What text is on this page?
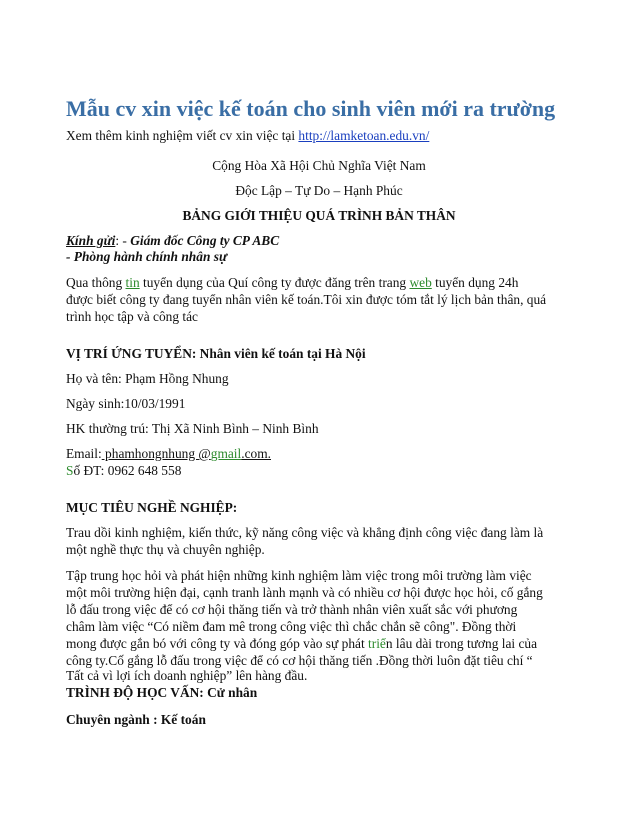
Mẫu cv xin việc kế toán cho sinh viên mới ra trường
Xem thêm kinh nghiệm viết cv xin việc tại http://lamketoan.edu.vn/
Cộng Hòa Xã Hội Chủ Nghĩa Việt Nam
Độc Lập – Tự Do – Hạnh Phúc
BẢNG GIỚI THIỆU QUÁ TRÌNH BẢN THÂN
Kính gửi: - Giám đốc Công ty CP ABC
- Phòng hành chính nhân sự
Qua thông tin tuyển dụng của Quí công ty được đăng trên trang web tuyển dụng 24h
được biết công ty đang tuyển nhân viên kế toán.Tôi xin được tóm tắt lý lịch bản thân, quá
trình học tập và công tác
VỊ TRÍ ỨNG TUYỂN: Nhân viên kế toán tại Hà Nội
Họ và tên: Phạm Hồng Nhung
Ngày sinh:10/03/1991
HK thường trú: Thị Xã Ninh Bình – Ninh Bình
Email: phamhongnhung @gmail.com.
Số ĐT: 0962 648 558
MỤC TIÊU NGHỀ NGHIỆP:
Trau dồi kinh nghiệm, kiến thức, kỹ năng công việc và khẳng định công việc đang làm là
một nghề thực thụ và chuyên nghiệp.
Tập trung học hỏi và phát hiện những kinh nghiệm làm việc trong môi trường làm việc
một môi trường hiện đại, cạnh tranh lành mạnh và có nhiều cơ hội được học hỏi, cố gắng
lỗ đấu trong việc để có cơ hội thăng tiến và trở thành nhân viên xuất sắc với phương
châm làm việc “Có niềm đam mê trong công việc thì chắc chắn sẽ công". Đồng thời
mong được gắn bó với công ty và đóng góp vào sự phát triển lâu dài trong tương lai của
công ty.Cố gắng lỗ đấu trong việc để có cơ hội thăng tiến .Đồng thời luôn đặt tiêu chí “
Tất cả vì lợi ích doanh nghiệp” lên hàng đầu.
TRÌNH ĐỘ HỌC VẤN: Cử nhân
Chuyên ngành : Kế toán
